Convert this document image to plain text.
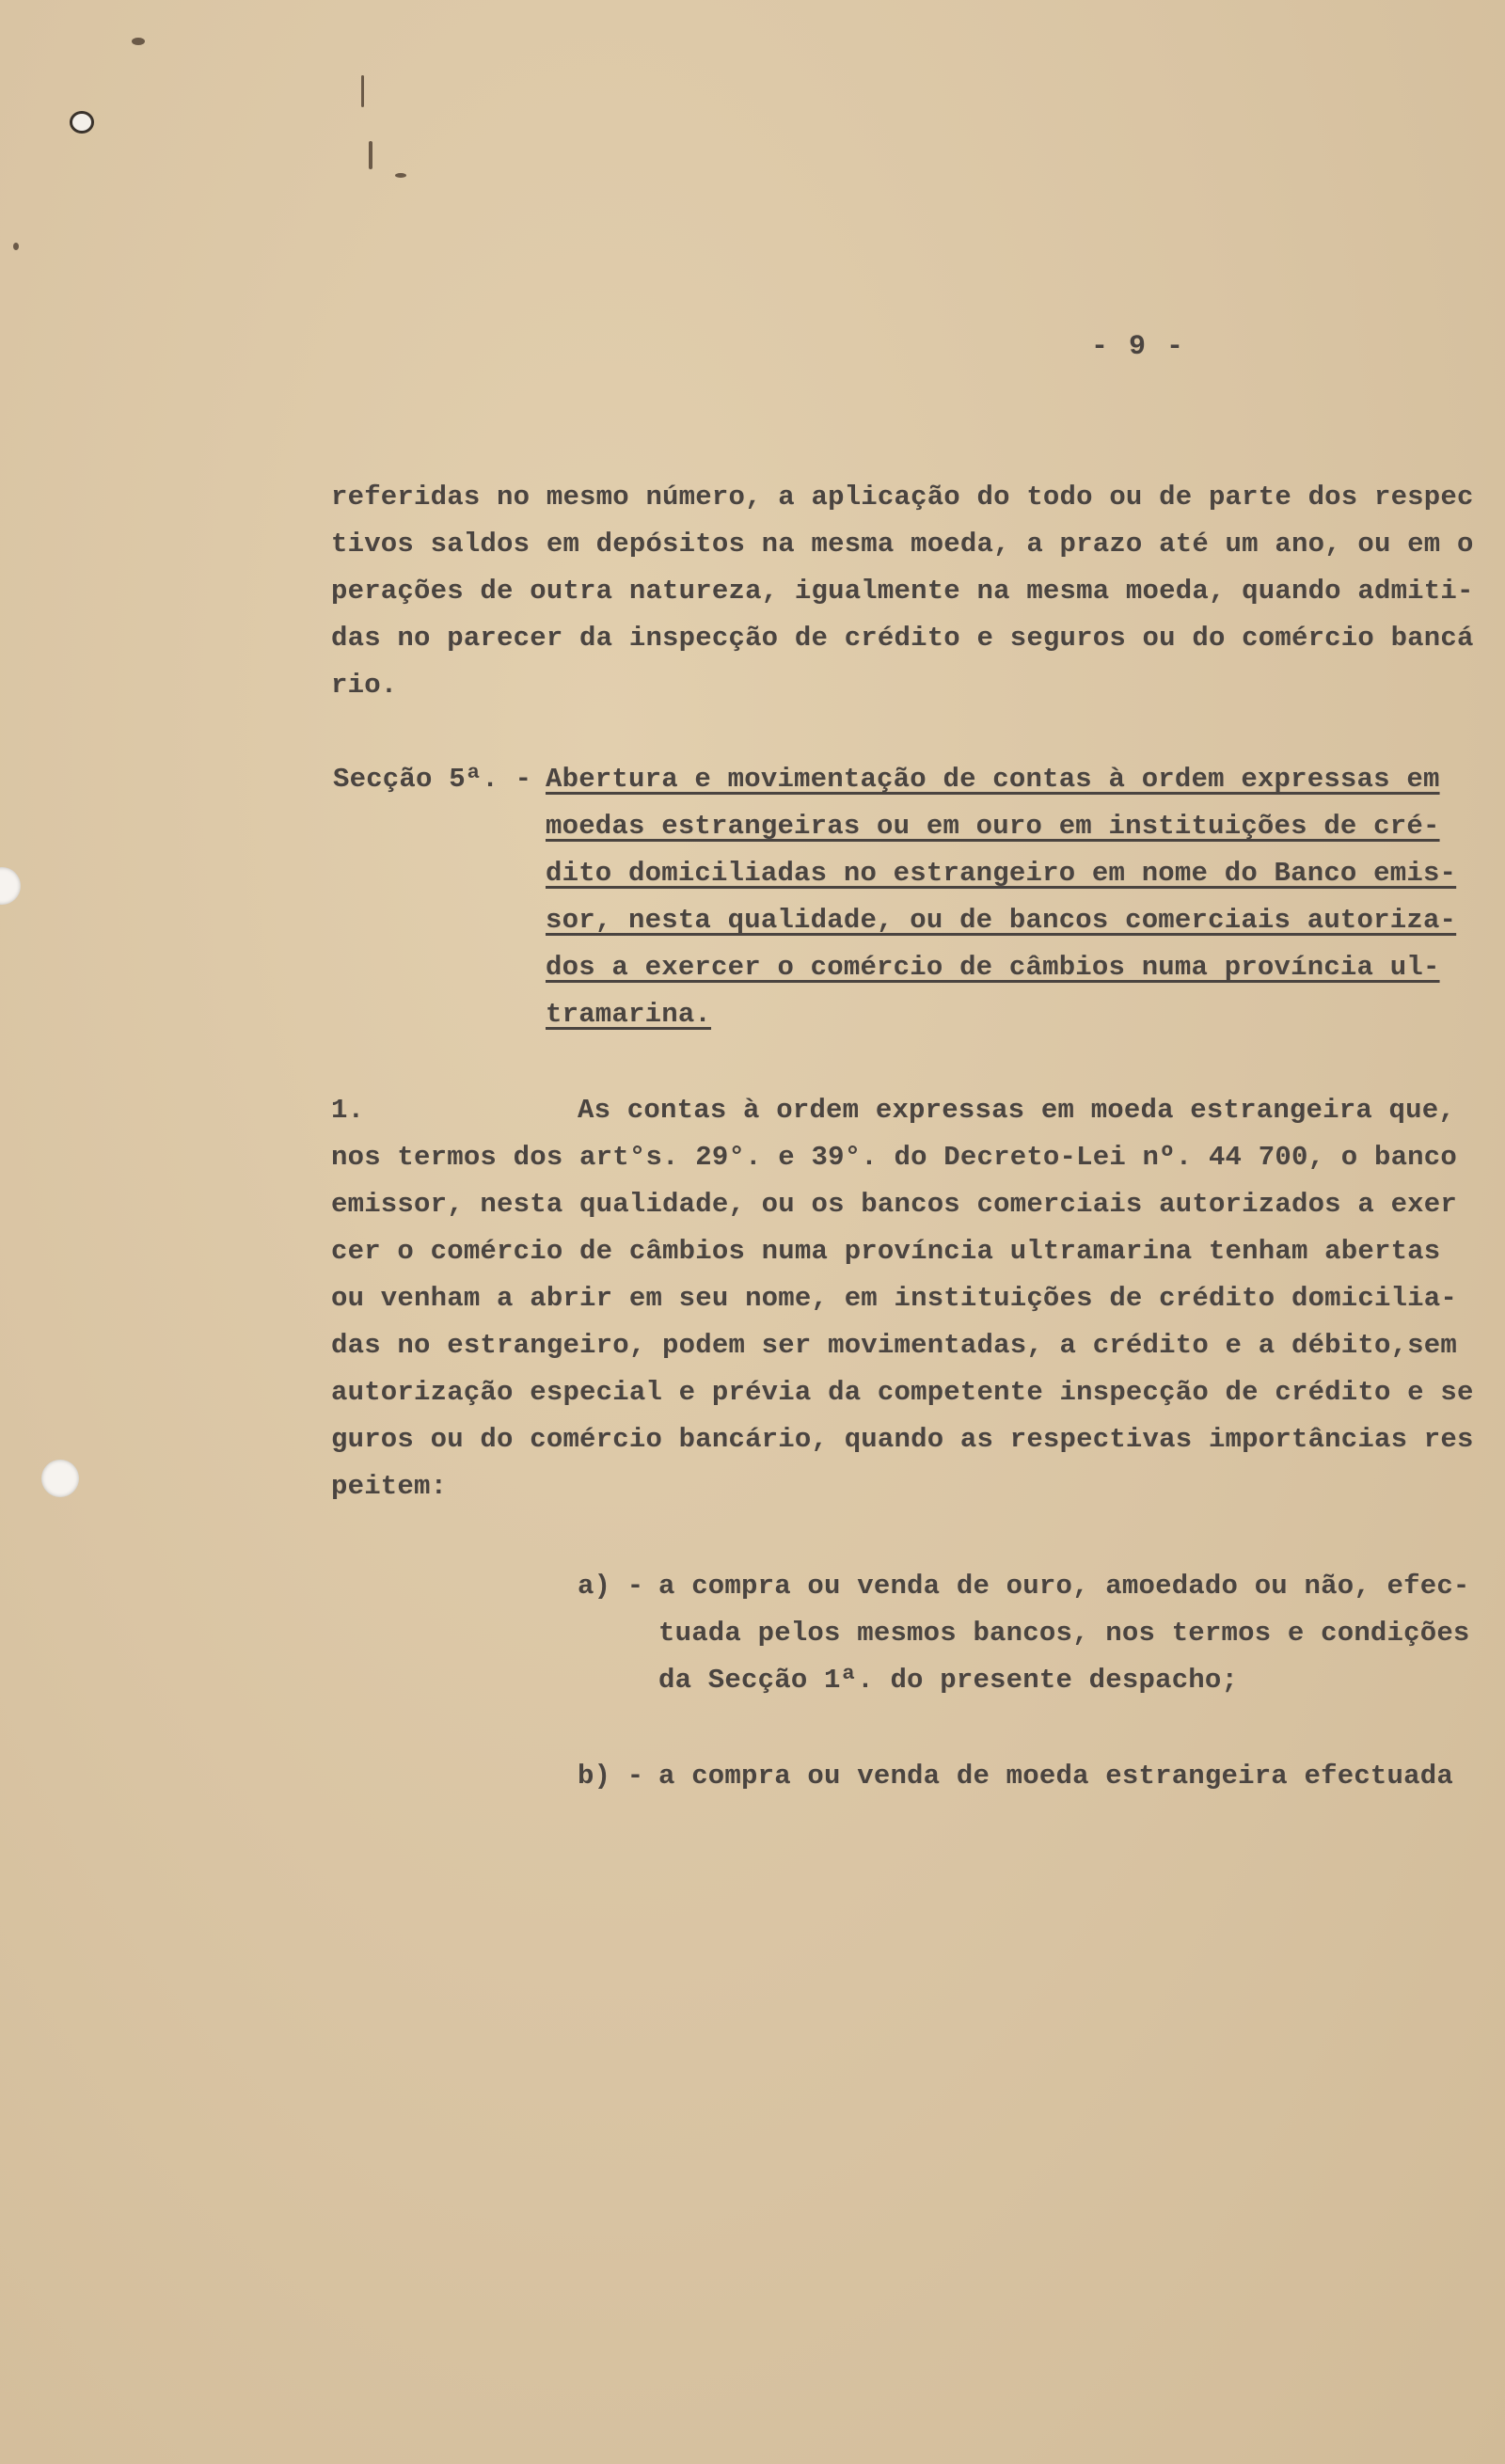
- 9 -
referidas no mesmo número, a aplicação do todo ou de parte dos respec
tivos saldos em depósitos na mesma moeda, a prazo até um ano, ou em o
perações de outra natureza, igualmente na mesma moeda, quando admiti-
das no parecer da inspecção de crédito e seguros ou do comércio bancá
rio.
Secção 5ª. - Abertura e movimentação de contas à ordem expressas em
moedas estrangeiras ou em ouro em instituições de cré-
dito domiciliadas no estrangeiro em nome do Banco emis-
sor, nesta qualidade, ou de bancos comerciais autoriza-
dos a exercer o comércio de câmbios numa província ul-
tramarina.
1.	As contas à ordem expressas em moeda estrangeira que,
nos termos dos art°s. 29°. e 39°. do Decreto-Lei nº. 44 700, o banco
emissor, nesta qualidade, ou os bancos comerciais autorizados a exer
cer o comércio de câmbios numa província ultramarina tenham abertas
ou venham a abrir em seu nome, em instituições de crédito domicilia-
das no estrangeiro, podem ser movimentadas, a crédito e a débito,sem
autorização especial e prévia da competente inspecção de crédito e se
guros ou do comércio bancário, quando as respectivas importâncias res
peitem:
a) - a compra ou venda de ouro, amoedado ou não, efec-
tuada pelos mesmos bancos, nos termos e condições
da Secção 1ª. do presente despacho;
b) - a compra ou venda de moeda estrangeira efectuada
